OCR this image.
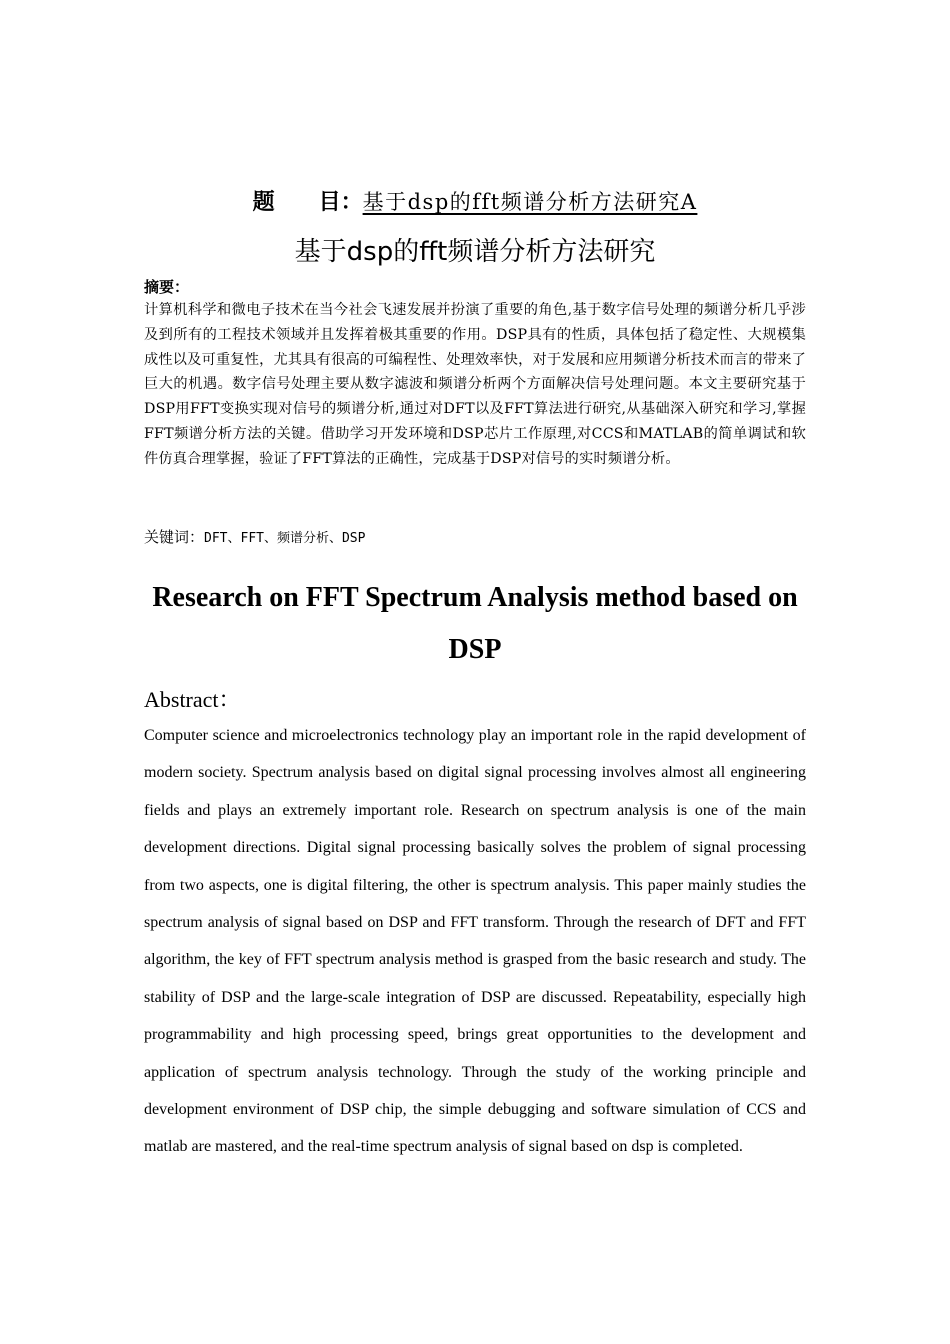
题　　目：基于dsp的fft频谱分析方法研究A
基于dsp的fft频谱分析方法研究
摘要：
计算机科学和微电子技术在当今社会飞速发展并扮演了重要的角色,基于数字信号处理的频谱分析几乎涉及到所有的工程技术领域并且发挥着极其重要的作用。DSP具有的性质，具体包括了稳定性、大规模集成性以及可重复性，尤其具有很高的可编程性、处理效率快，对于发展和应用频谱分析技术而言的带来了巨大的机遇。数字信号处理主要从数字滤波和频谱分析两个方面解决信号处理问题。本文主要研究基于DSP用FFT变换实现对信号的频谱分析,通过对DFT以及FFT算法进行研究,从基础深入研究和学习,掌握FFT频谱分析方法的关键。借助学习开发环境和DSP芯片工作原理,对CCS和MATLAB的简单调试和软件仿真合理掌握，验证了FFT算法的正确性，完成基于DSP对信号的实时频谱分析。
关键词：DFT、FFT、频谱分析、DSP
Research on FFT Spectrum Analysis method based on
DSP
Abstract：
Computer science and microelectronics technology play an important role in the rapid development of modern society. Spectrum analysis based on digital signal processing involves almost all engineering fields and plays an extremely important role. Research on spectrum analysis is one of the main development directions. Digital signal processing basically solves the problem of signal processing from two aspects, one is digital filtering, the other is spectrum analysis. This paper mainly studies the spectrum analysis of signal based on DSP and FFT transform. Through the research of DFT and FFT algorithm, the key of FFT spectrum analysis method is grasped from the basic research and study. The stability of DSP and the large-scale integration of DSP are discussed. Repeatability, especially high programmability and high processing speed, brings great opportunities to the development and application of spectrum analysis technology. Through the study of the working principle and development environment of DSP chip, the simple debugging and software simulation of CCS and matlab are mastered, and the real-time spectrum analysis of signal based on dsp is completed.
